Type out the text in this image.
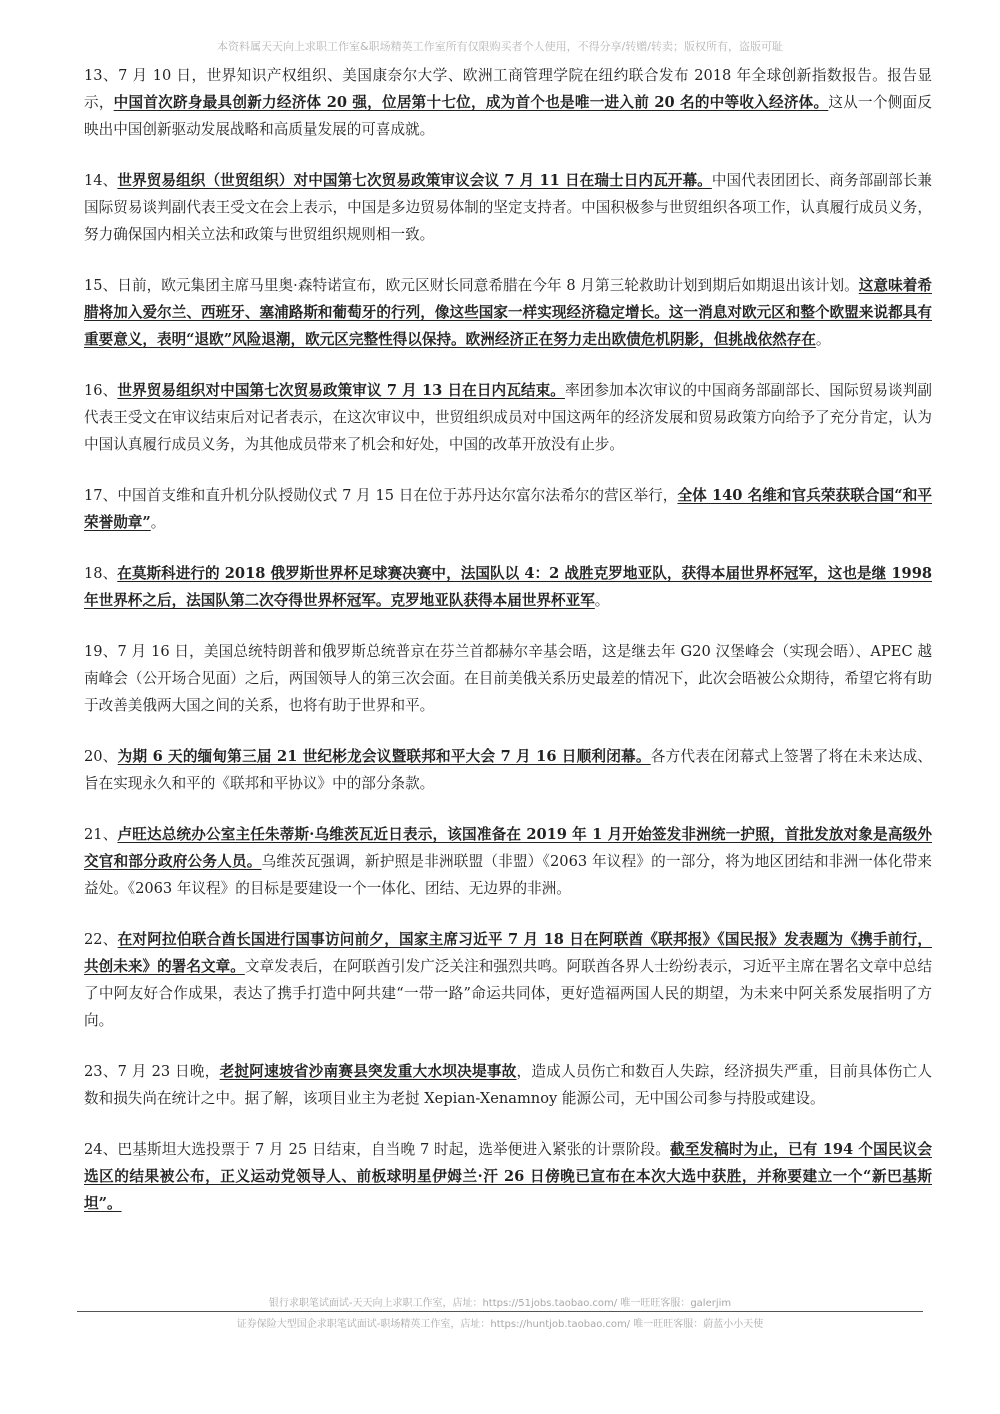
本资料属天天向上求职工作室&职场精英工作室所有仅限购买者个人使用，不得分享/转赠/转卖；版权所有，盗版可耻

13、7 月 10 日，世界知识产权组织、美国康奈尔大学、欧洲工商管理学院在纽约联合发布 2018 年全球创新指数报告。报告显示，中国首次跻身最具创新力经济体 20 强，位居第十七位，成为首个也是唯一进入前 20 名的中等收入经济体。这从一个侧面反映出中国创新驱动发展战略和高质量发展的可喜成就。

14、世界贸易组织（世贸组织）对中国第七次贸易政策审议会议 7 月 11 日在瑞士日内瓦开幕。中国代表团团长、商务部副部长兼国际贸易谈判副代表王受文在会上表示，中国是多边贸易体制的坚定支持者。中国积极参与世贸组织各项工作，认真履行成员义务，努力确保国内相关立法和政策与世贸组织规则相一致。

15、日前，欧元集团主席马里奥·森特诺宣布，欧元区财长同意希腊在今年 8 月第三轮救助计划到期后如期退出该计划。这意味着希腊将加入爱尔兰、西班牙、塞浦路斯和葡萄牙的行列，像这些国家一样实现经济稳定增长。这一消息对欧元区和整个欧盟来说都具有重要意义，表明“退欧”风险退潮，欧元区完整性得以保持。欧洲经济正在努力走出欧债危机阴影，但挑战依然存在。

16、世界贸易组织对中国第七次贸易政策审议 7 月 13 日在日内瓦结束。率团参加本次审议的中国商务部副部长、国际贸易谈判副代表王受文在审议结束后对记者表示，在这次审议中，世贸组织成员对中国这两年的经济发展和贸易政策方向给予了充分肯定，认为中国认真履行成员义务，为其他成员带来了机会和好处，中国的改革开放没有止步。

17、中国首支维和直升机分队授勋仪式 7 月 15 日在位于苏丹达尔富尔法希尔的营区举行，全体 140 名维和官兵荣获联合国“和平荣誉勋章”。

18、在莫斯科进行的 2018 俄罗斯世界杯足球赛决赛中，法国队以 4：2 战胜克罗地亚队，获得本届世界杯冠军，这也是继 1998 年世界杯之后，法国队第二次夺得世界杯冠军。克罗地亚队获得本届世界杯亚军。

19、7 月 16 日，美国总统特朗普和俄罗斯总统普京在芬兰首都赫尔辛基会晤，这是继去年 G20 汉堡峰会（实现会晤）、APEC 越南峰会（公开场合见面）之后，两国领导人的第三次会面。在目前美俄关系历史最差的情况下，此次会晤被公众期待，希望它将有助于改善美俄两大国之间的关系，也将有助于世界和平。

20、为期 6 天的缅甸第三届 21 世纪彬龙会议暨联邦和平大会 7 月 16 日顺利闭幕。各方代表在闭幕式上签署了将在未来达成、旨在实现永久和平的《联邦和平协议》中的部分条款。

21、卢旺达总统办公室主任朱蒂斯·乌维茨瓦近日表示，该国准备在 2019 年 1 月开始签发非洲统一护照，首批发放对象是高级外交官和部分政府公务人员。乌维茨瓦强调，新护照是非洲联盟（非盟）《2063 年议程》的一部分，将为地区团结和非洲一体化带来益处。《2063 年议程》的目标是要建设一个一体化、团结、无边界的非洲。

22、在对阿拉伯联合酋长国进行国事访问前夕，国家主席习近平 7 月 18 日在阿联酋《联邦报》《国民报》发表题为《携手前行，共创未来》的署名文章。文章发表后，在阿联酋引发广泛关注和强烈共鸣。阿联酋各界人士纷纷表示，习近平主席在署名文章中总结了中阿友好合作成果，表达了携手打造中阿共建“一带一路”命运共同体，更好造福两国人民的期望，为未来中阿关系发展指明了方向。

23、7 月 23 日晚，老挝阿速坡省沙南赛县突发重大水坝决堤事故，造成人员伤亡和数百人失踪，经济损失严重，目前具体伤亡人数和损失尚在统计之中。据了解，该项目业主为老挝 Xepian-Xenamnoy 能源公司，无中国公司参与持股或建设。

24、巴基斯坦大选投票于 7 月 25 日结束，自当晚 7 时起，选举便进入紧张的计票阶段。截至发稿时为止，已有 194 个国民议会选区的结果被公布，正义运动党领导人、前板球明星伊姆兰·汗 26 日傍晚已宣布在本次大选中获胜，并称要建立一个“新巴基斯坦”。

银行求职笔试面试-天天向上求职工作室，店址：https://51jobs.taobao.com/ 唯一旺旺客服：galerjim
证券保险大型国企求职笔试面试-职场精英工作室，店址：https://huntjob.taobao.com/ 唯一旺旺客服：蔚蓝小小天使
